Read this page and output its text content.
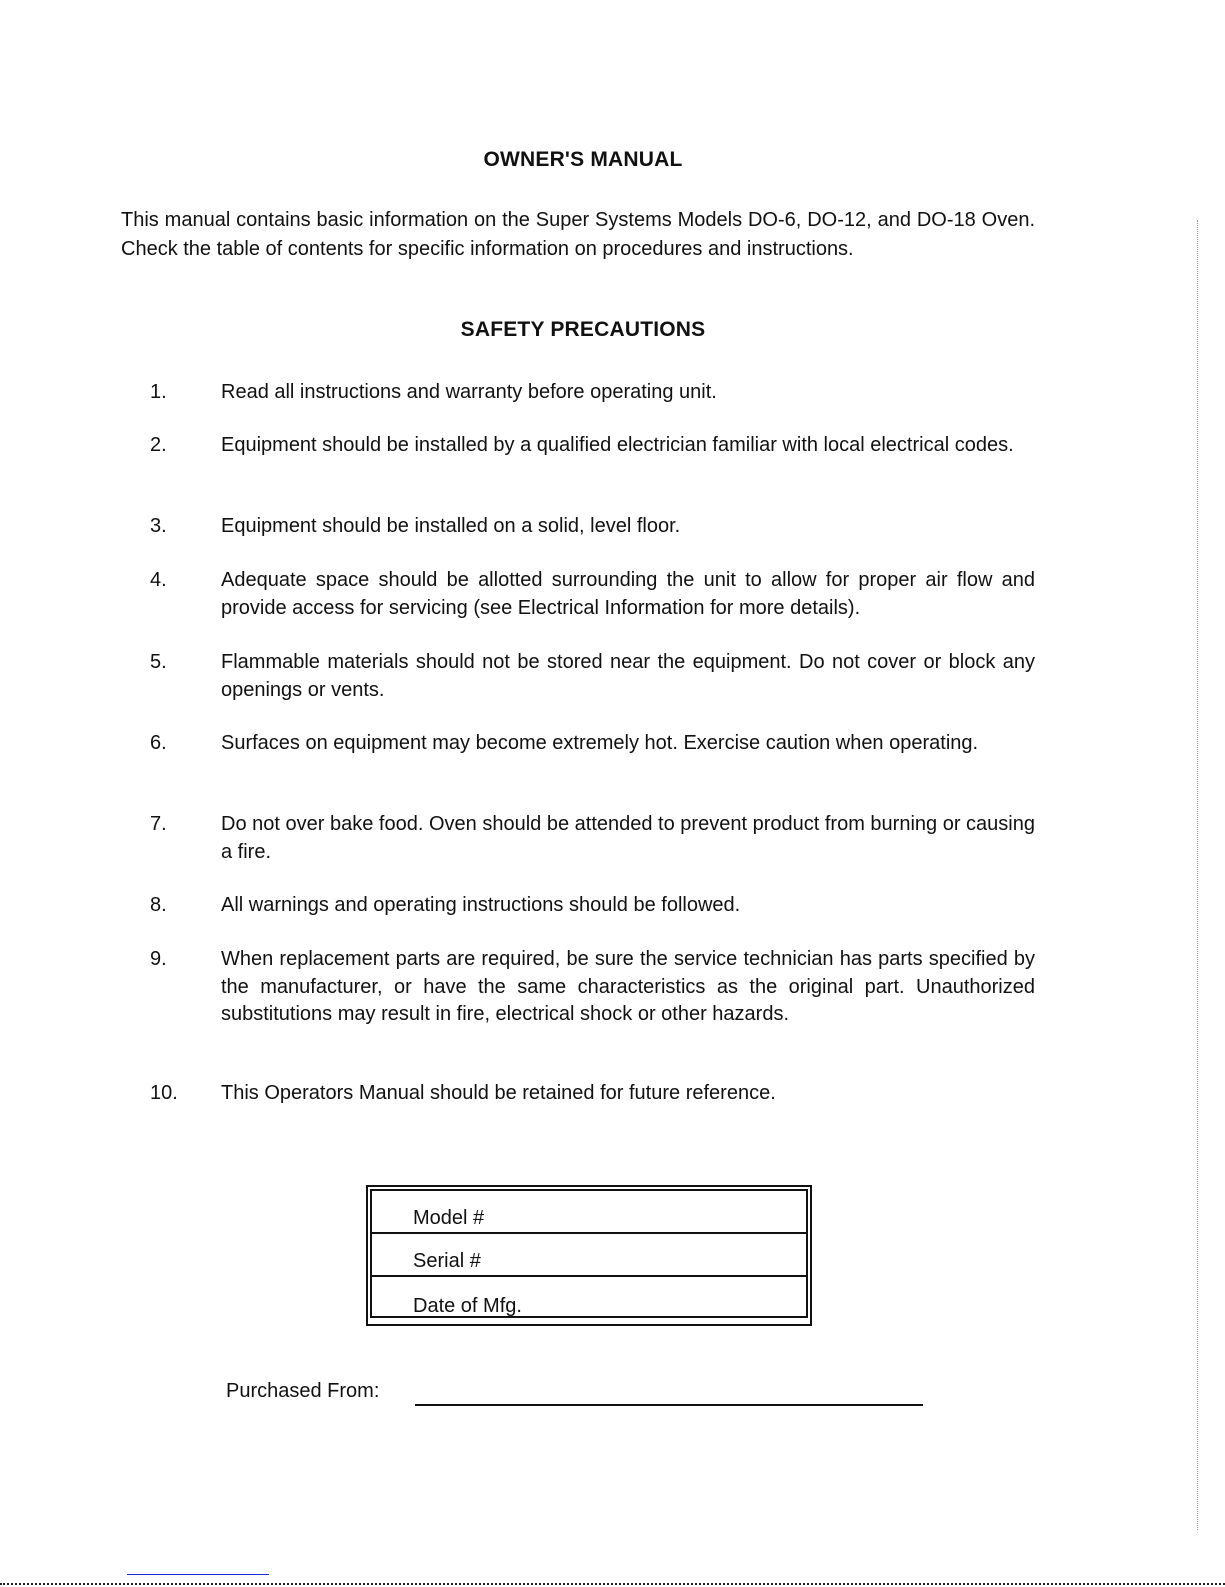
OWNER'S MANUAL
This manual contains basic information on the Super Systems Models DO-6, DO-12, and DO-18 Oven. Check the table of contents for specific information on procedures and instructions.
SAFETY PRECAUTIONS
1.	Read all instructions and warranty before operating unit.
2.	Equipment should be installed by a qualified electrician familiar with local electrical codes.
3.	Equipment should be installed on a solid, level floor.
4.	Adequate space should be allotted surrounding the unit to allow for proper air flow and provide access for servicing (see Electrical Information for more details).
5.	Flammable materials should not be stored near the equipment. Do not cover or block any openings or vents.
6.	Surfaces on equipment may become extremely hot. Exercise caution when operating.
7.	Do not over bake food. Oven should be attended to prevent product from burning or causing a fire.
8.	All warnings and operating instructions should be followed.
9.	When replacement parts are required, be sure the service technician has parts specified by the manufacturer, or have the same characteristics as the original part. Unauthorized substitutions may result in fire, electrical shock or other hazards.
10.	This Operators Manual should be retained for future reference.
Model #
Serial #
Date of Mfg.
Purchased From:
